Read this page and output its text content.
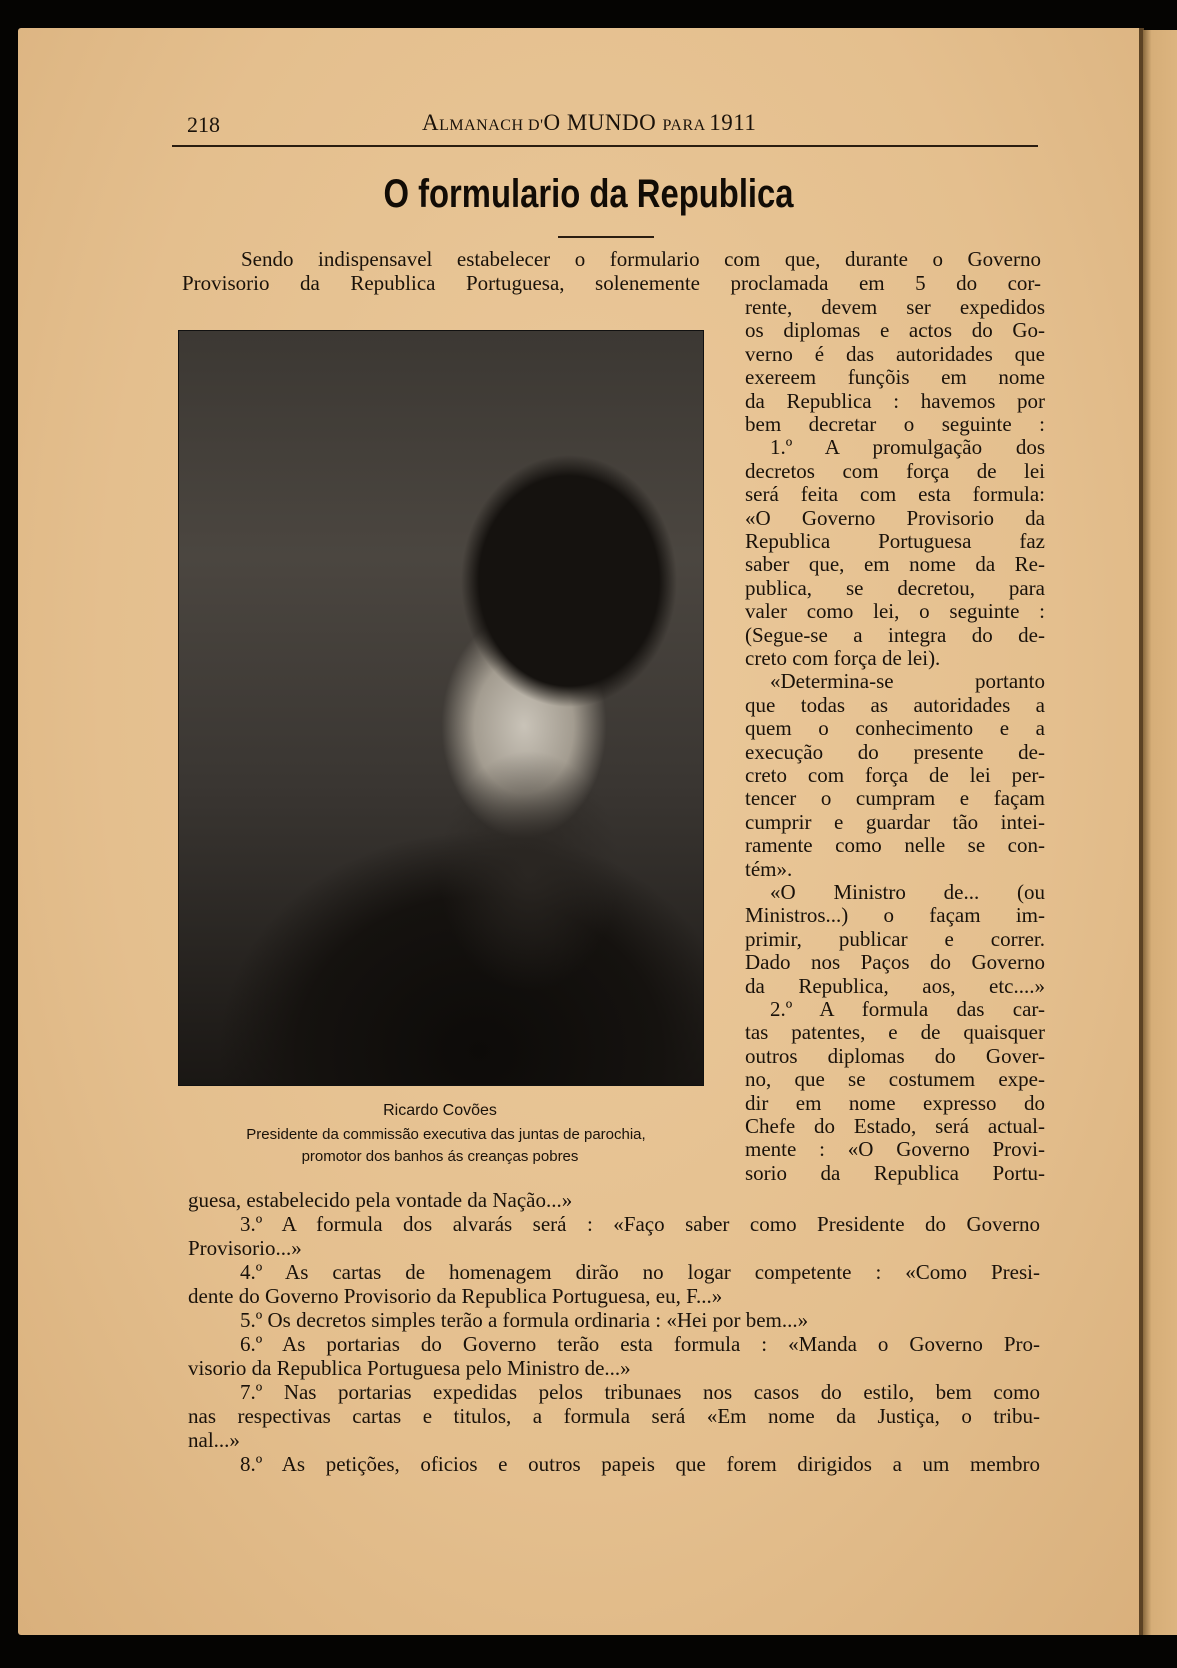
218	ALMANACH D'O MUNDO PARA 1911
O formulario da Republica
Sendo indispensavel estabelecer o formulario com que, durante o Governo
Provisorio da Republica Portuguesa, solenemente proclamada em 5 do cor-
rente, devem ser expedidos
os diplomas e actos do Go-
verno é das autoridades que
exereem funçõis em nome
da Republica : havemos por
bem decretar o seguinte :
1.º A promulgação dos
decretos com força de lei
será feita com esta formula:
«O Governo Provisorio da
Republica Portuguesa faz
saber que, em nome da Re-
publica, se decretou, para
valer como lei, o seguinte :
(Segue-se a integra do de-
creto com força de lei).
«Determina-se portanto
que todas as autoridades a
quem o conhecimento e a
execução do presente de-
creto com força de lei per-
tencer o cumpram e façam
cumprir e guardar tão intei-
ramente como nelle se con-
tém».
«O Ministro de... (ou
Ministros...) o façam im-
primir, publicar e correr.
Dado nos Paços do Governo
da Republica, aos, etc....»
2.º A formula das car-
tas patentes, e de quaisquer
outros diplomas do Gover-
no, que se costumem expe-
dir em nome expresso do
Chefe do Estado, será actual-
mente : «O Governo Provi-
sorio da Republica Portu-
Ricardo Covões
Presidente da commissão executiva das juntas de parochia,
promotor dos banhos ás creanças pobres
guesa, estabelecido pela vontade da Nação...»
3.º A formula dos alvarás será : «Faço saber como Presidente do Governo
Provisorio...»
4.º As cartas de homenagem dirão no logar competente : «Como Presi-
dente do Governo Provisorio da Republica Portuguesa, eu, F...»
5.º Os decretos simples terão a formula ordinaria : «Hei por bem...»
6.º As portarias do Governo terão esta formula : «Manda o Governo Pro-
visorio da Republica Portuguesa pelo Ministro de...»
7.º Nas portarias expedidas pelos tribunaes nos casos do estilo, bem como
nas respectivas cartas e titulos, a formula será «Em nome da Justiça, o tribu-
nal...»
8.º As petições, oficios e outros papeis que forem dirigidos a um membro
